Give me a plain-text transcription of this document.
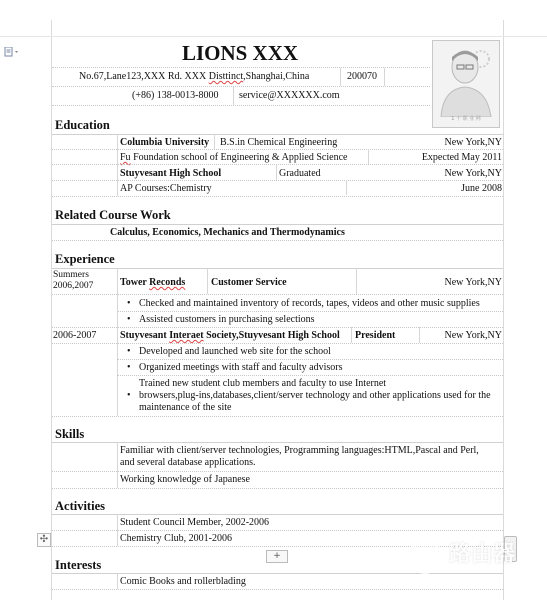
LIONS XXX
No.67,Lane123,XXX Rd. XXX Disttinct,Shanghai,China	200070
(+86) 138-0013-8000 service@XXXXXX.com
1 十 职 业 网
Education
Columbia University B.S.in Chemical Engineering	New York,NY
Fu Foundation school of Engineering & Applied Science	Expected May 2011
Stuyvesant High School	Graduated	New York,NY
AP Courses:Chemistry	June 2008
Related Course Work
Calculus, Economics, Mechanics and Thermodynamics
Experience
Summers
2006,2007	Tower Reconds	Customer Service	New York,NY
• Checked and maintained inventory of records, tapes, videos and other music supplies
• Assisted customers in purchasing selections
2006-2007 Stuyvesant Interaet Society,Stuyvesant High School President	New York,NY
• Developed and launched web site for the school
• Organized meetings with staff and faculty advisors
•
Trained new student club members and faculty to use Internet
browsers,plug-ins,databases,client/server technology and other applications used for the
maintenance of the site
Skills
Familiar with client/server technologies, Programming languages:HTML,Pascal and Perl,
and several database applications.
Working knowledge of Japanese
Activities
Student Council Member, 2002-2006
Chemistry Club, 2001-2006
✣
+
Interests
Comic Books and rollerblading
路由器
